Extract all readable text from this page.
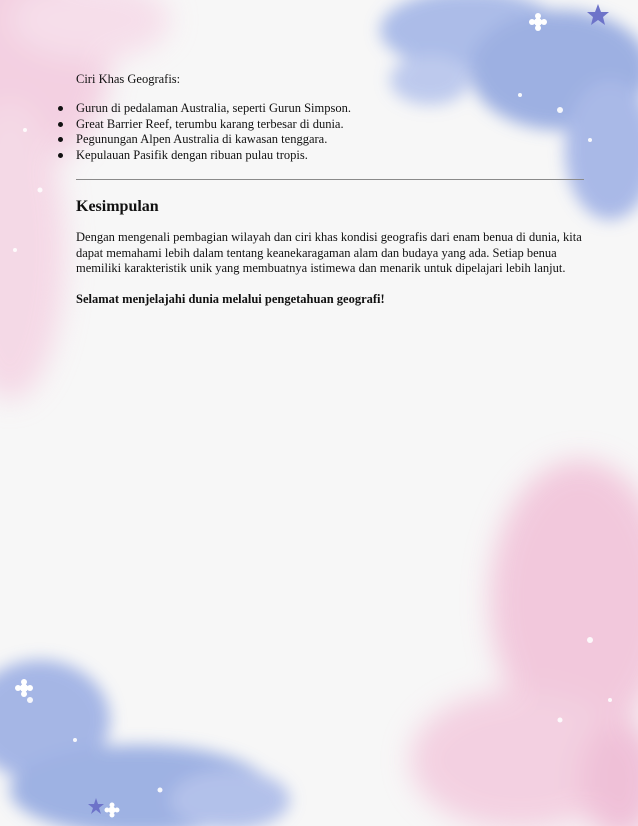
Ciri Khas Geografis:
Gurun di pedalaman Australia, seperti Gurun Simpson.
Great Barrier Reef, terumbu karang terbesar di dunia.
Pegunungan Alpen Australia di kawasan tenggara.
Kepulauan Pasifik dengan ribuan pulau tropis.
Kesimpulan

Dengan mengenali pembagian wilayah dan ciri khas kondisi geografis dari enam benua di dunia, kita dapat memahami lebih dalam tentang keanekaragaman alam dan budaya yang ada. Setiap benua memiliki karakteristik unik yang membuatnya istimewa dan menarik untuk dipelajari lebih lanjut.

Selamat menjelajahi dunia melalui pengetahuan geografi!
